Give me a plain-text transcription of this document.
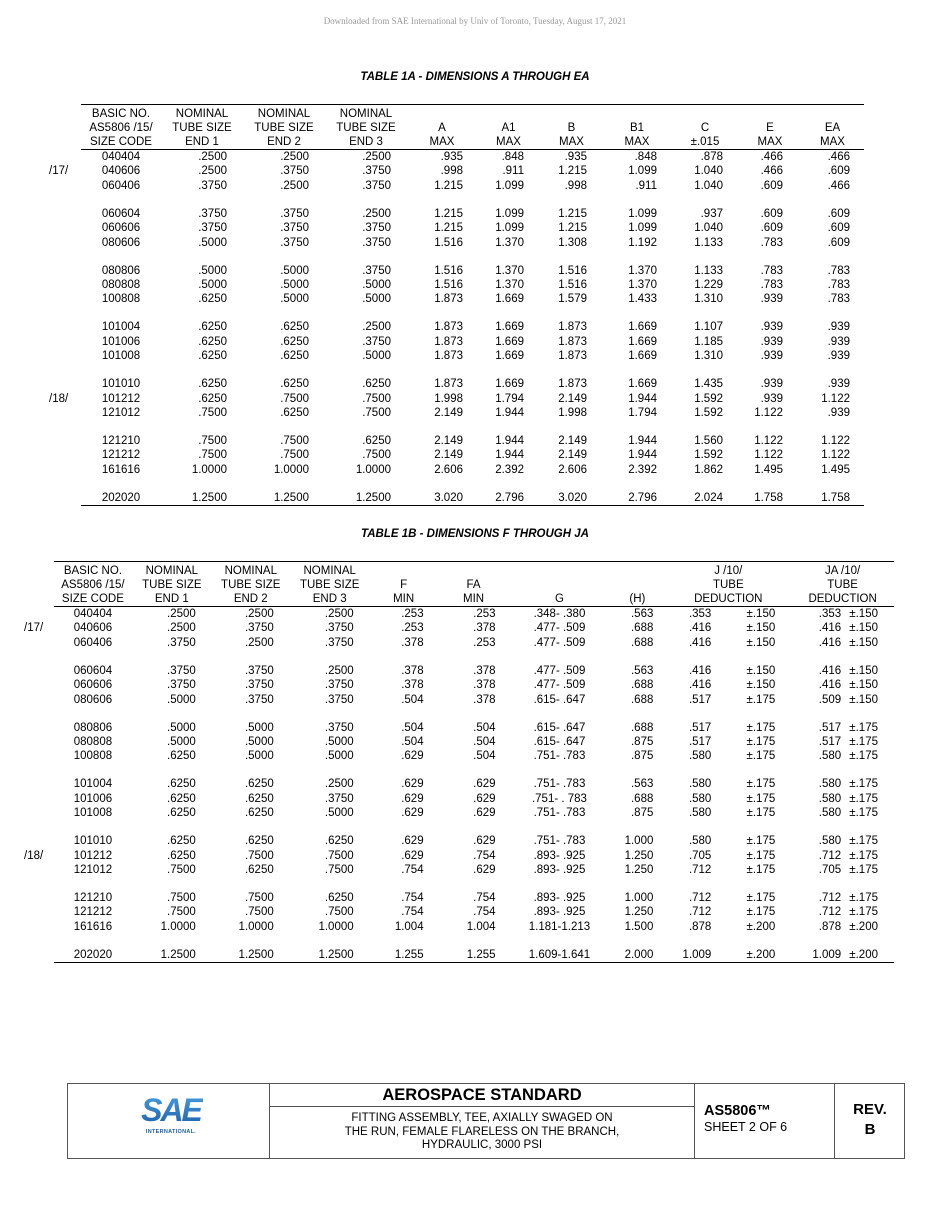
Downloaded from SAE International by Univ of Toronto, Tuesday, August 17, 2021
TABLE 1A - DIMENSIONS A THROUGH EA
	BASIC NO.	NOMINAL	NOMINAL	NOMINAL							
	AS5806 /15/	TUBE SIZE	TUBE SIZE	TUBE SIZE	A	A1	B	B1	C	E	EA
	SIZE CODE	END 1	END 2	END 3	MAX	MAX	MAX	MAX	±.015	MAX	MAX
	040404	.2500	.2500	.2500	.935	.848	.935	.848	.878	.466	.466
/17/	040606	.2500	.3750	.3750	.998	.911	1.215	1.099	1.040	.466	.609
	060406	.3750	.2500	.3750	1.215	1.099	.998	.911	1.040	.609	.466

	060604	.3750	.3750	.2500	1.215	1.099	1.215	1.099	.937	.609	.609
	060606	.3750	.3750	.3750	1.215	1.099	1.215	1.099	1.040	.609	.609
	080606	.5000	.3750	.3750	1.516	1.370	1.308	1.192	1.133	.783	.609

	080806	.5000	.5000	.3750	1.516	1.370	1.516	1.370	1.133	.783	.783
	080808	.5000	.5000	.5000	1.516	1.370	1.516	1.370	1.229	.783	.783
	100808	.6250	.5000	.5000	1.873	1.669	1.579	1.433	1.310	.939	.783

	101004	.6250	.6250	.2500	1.873	1.669	1.873	1.669	1.107	.939	.939
	101006	.6250	.6250	.3750	1.873	1.669	1.873	1.669	1.185	.939	.939
	101008	.6250	.6250	.5000	1.873	1.669	1.873	1.669	1.310	.939	.939

	101010	.6250	.6250	.6250	1.873	1.669	1.873	1.669	1.435	.939	.939
/18/	101212	.6250	.7500	.7500	1.998	1.794	2.149	1.944	1.592	.939	1.122
	121012	.7500	.6250	.7500	2.149	1.944	1.998	1.794	1.592	1.122	.939

	121210	.7500	.7500	.6250	2.149	1.944	2.149	1.944	1.560	1.122	1.122
	121212	.7500	.7500	.7500	2.149	1.944	2.149	1.944	1.592	1.122	1.122
	161616	1.0000	1.0000	1.0000	2.606	2.392	2.606	2.392	1.862	1.495	1.495

	202020	1.2500	1.2500	1.2500	3.020	2.796	3.020	2.796	2.024	1.758	1.758
TABLE 1B - DIMENSIONS F THROUGH JA
	BASIC NO.	NOMINAL	NOMINAL	NOMINAL					J /10/		JA /10/	
	AS5806 /15/	TUBE SIZE	TUBE SIZE	TUBE SIZE	F	FA			TUBE		TUBE	
	SIZE CODE	END 1	END 2	END 3	MIN	MIN	G	(H)	DEDUCTION		DEDUCTION	
	040404	.2500	.2500	.2500	.253	.253	.348- .380	.563	.353	±.150	.353	±.150
/17/	040606	.2500	.3750	.3750	.253	.378	.477- .509	.688	.416	±.150	.416	±.150
	060406	.3750	.2500	.3750	.378	.253	.477- .509	.688	.416	±.150	.416	±.150

	060604	.3750	.3750	.2500	.378	.378	.477- .509	.563	.416	±.150	.416	±.150
	060606	.3750	.3750	.3750	.378	.378	.477- .509	.688	.416	±.150	.416	±.150
	080606	.5000	.3750	.3750	.504	.378	.615- .647	.688	.517	±.175	.509	±.150

	080806	.5000	.5000	.3750	.504	.504	.615- .647	.688	.517	±.175	.517	±.175
	080808	.5000	.5000	.5000	.504	.504	.615- .647	.875	.517	±.175	.517	±.175
	100808	.6250	.5000	.5000	.629	.504	.751- .783	.875	.580	±.175	.580	±.175

	101004	.6250	.6250	.2500	.629	.629	.751- .783	.563	.580	±.175	.580	±.175
	101006	.6250	.6250	.3750	.629	.629	.751- . 783	.688	.580	±.175	.580	±.175
	101008	.6250	.6250	.5000	.629	.629	.751- .783	.875	.580	±.175	.580	±.175

	101010	.6250	.6250	.6250	.629	.629	.751- .783	1.000	.580	±.175	.580	±.175
/18/	101212	.6250	.7500	.7500	.629	.754	.893- .925	1.250	.705	±.175	.712	±.175
	121012	.7500	.6250	.7500	.754	.629	.893- .925	1.250	.712	±.175	.705	±.175

	121210	.7500	.7500	.6250	.754	.754	.893- .925	1.000	.712	±.175	.712	±.175
	121212	.7500	.7500	.7500	.754	.754	.893- .925	1.250	.712	±.175	.712	±.175
	161616	1.0000	1.0000	1.0000	1.004	1.004	1.181-1.213	1.500	.878	±.200	.878	±.200

	202020	1.2500	1.2500	1.2500	1.255	1.255	1.609-1.641	2.000	1.009	±.200	1.009	±.200
SAE
INTERNATIONAL.
AEROSPACE STANDARD
FITTING ASSEMBLY, TEE, AXIALLY SWAGED ON
THE RUN, FEMALE FLARELESS ON THE BRANCH,
HYDRAULIC, 3000 PSI
AS5806™
SHEET 2 OF 6
REV.
B
